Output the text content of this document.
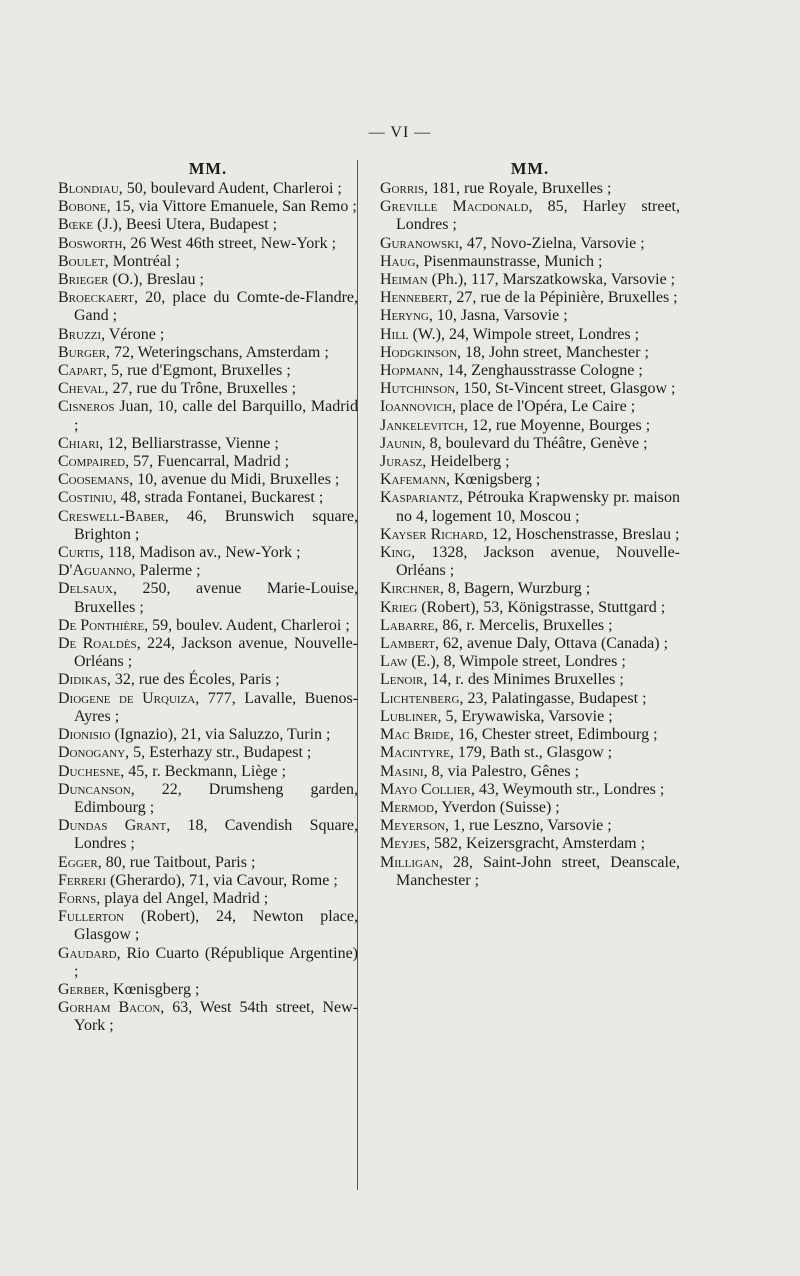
— VI —
MM.
Blondiau, 50, boulevard Audent, Charleroi ;
Bobone, 15, via Vittore Emanuele, San Remo ;
Bœke (J.), Beesi Utera, Budapest ;
Bosworth, 26 West 46th street, New-York ;
Boulet, Montréal ;
Brieger (O.), Breslau ;
Broeckaert, 20, place du Comte-de-Flandre, Gand ;
Bruzzi, Vérone ;
Burger, 72, Weteringschans, Amsterdam ;
Capart, 5, rue d'Egmont, Bruxelles ;
Cheval, 27, rue du Trône, Bruxelles ;
Cisneros Juan, 10, calle del Barquillo, Madrid ;
Chiari, 12, Belliarstrasse, Vienne ;
Compaired, 57, Fuencarral, Madrid ;
Coosemans, 10, avenue du Midi, Bruxelles ;
Costiniu, 48, strada Fontanei, Buckarest ;
Creswell-Baber, 46, Brunswich square, Brighton ;
Curtis, 118, Madison av., New-York ;
D'Aguanno, Palerme ;
Delsaux, 250, avenue Marie-Louise, Bruxelles ;
De Ponthière, 59, boulev. Audent, Charleroi ;
De Roaldès, 224, Jackson avenue, Nouvelle-Orléans ;
Didikas, 32, rue des Écoles, Paris ;
Diogene de Urquiza, 777, Lavalle, Buenos-Ayres ;
Dionisio (Ignazio), 21, via Saluzzo, Turin ;
Donogany, 5, Esterhazy str., Budapest ;
Duchesne, 45, r. Beckmann, Liège ;
Duncanson, 22, Drumsheng garden, Edimbourg ;
Dundas Grant, 18, Cavendish Square, Londres ;
Egger, 80, rue Taitbout, Paris ;
Ferreri (Gherardo), 71, via Cavour, Rome ;
Forns, playa del Angel, Madrid ;
Fullerton (Robert), 24, Newton place, Glasgow ;
Gaudard, Rio Cuarto (République Argentine) ;
Gerber, Kœnisgberg ;
Gorham Bacon, 63, West 54th street, New-York ;
MM.
Gorris, 181, rue Royale, Bruxelles ;
Greville Macdonald, 85, Harley street, Londres ;
Guranowski, 47, Novo-Zielna, Varsovie ;
Haug, Pisenmaunstrasse, Munich ;
Heiman (Ph.), 117, Marszatkowska, Varsovie ;
Hennebert, 27, rue de la Pépinière, Bruxelles ;
Heryng, 10, Jasna, Varsovie ;
Hill (W.), 24, Wimpole street, Londres ;
Hodgkinson, 18, John street, Manchester ;
Hopmann, 14, Zenghausstrasse Cologne ;
Hutchinson, 150, St-Vincent street, Glasgow ;
Ioannovich, place de l'Opéra, Le Caire ;
Jankelevitch, 12, rue Moyenne, Bourges ;
Jaunin, 8, boulevard du Théâtre, Genève ;
Jurasz, Heidelberg ;
Kafemann, Kœnigsberg ;
Kaspariantz, Pétrouka Krapwensky pr. maison no 4, logement 10, Moscou ;
Kayser Richard, 12, Hoschenstrasse, Breslau ;
King, 1328, Jackson avenue, Nouvelle-Orléans ;
Kirchner, 8, Bagern, Wurzburg ;
Krieg (Robert), 53, Königstrasse, Stuttgard ;
Labarre, 86, r. Mercelis, Bruxelles ;
Lambert, 62, avenue Daly, Ottava (Canada) ;
Law (E.), 8, Wimpole street, Londres ;
Lenoir, 14, r. des Minimes Bruxelles ;
Lichtenberg, 23, Palatingasse, Budapest ;
Lubliner, 5, Erywawiska, Varsovie ;
Mac Bride, 16, Chester street, Edimbourg ;
Macintyre, 179, Bath st., Glasgow ;
Masini, 8, via Palestro, Gênes ;
Mayo Collier, 43, Weymouth str., Londres ;
Mermod, Yverdon (Suisse) ;
Meyerson, 1, rue Leszno, Varsovie ;
Meyjes, 582, Keizersgracht, Amsterdam ;
Milligan, 28, Saint-John street, Deanscale, Manchester ;
